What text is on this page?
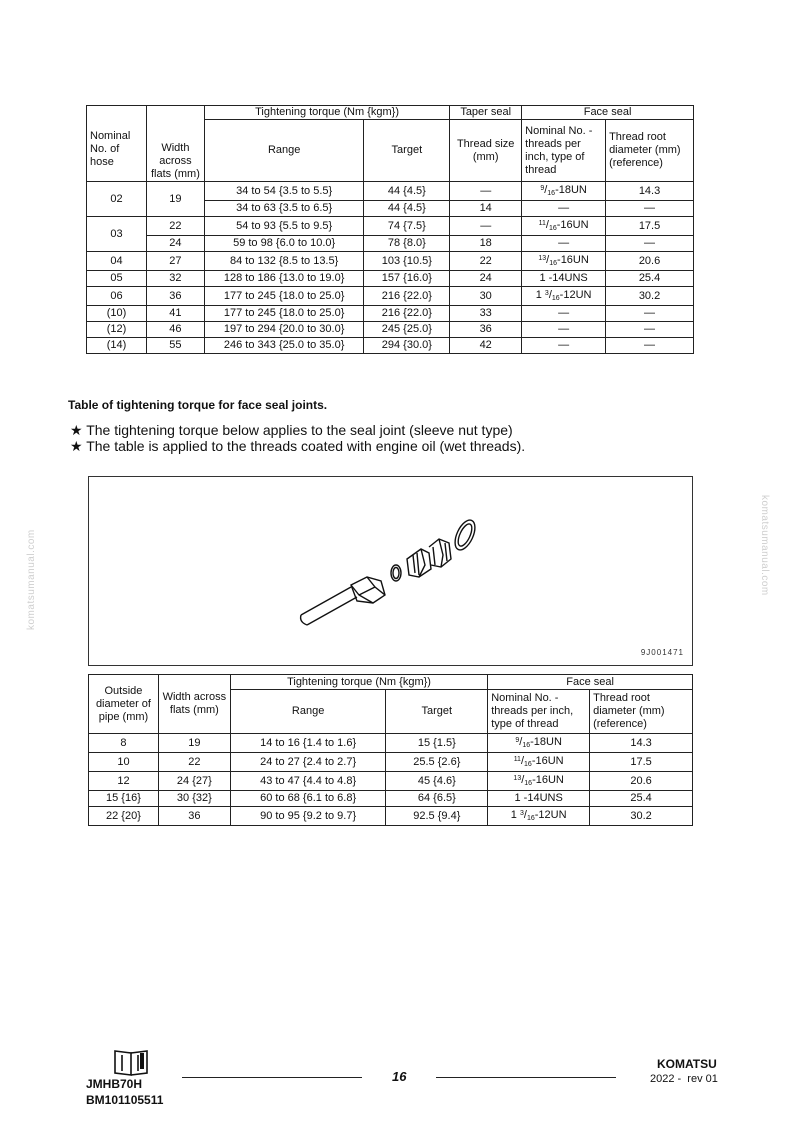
komatsumanual.com	komatsumanual.com
Nominal No. of hose	Width across flats (mm)	Tightening torque (Nm {kgm})		Taper seal	Face seal	
		Range	Target	Thread size (mm)	Nominal No. - threads per inch, type of thread	Thread root diameter (mm) (reference)
02	19	34 to 54 {3.5 to 5.5}	44 {4.5}	—	$^9/_{16}-18UN$	14.3
		34 to 63 {3.5 to 6.5}	44 {4.5}	14	—	—
03	22	54 to 93 {5.5 to 9.5}	74 {7.5}	—	$^{11}/_{16}-16UN$	17.5
	24	59 to 98 {6.0 to 10.0}	78 {8.0}	18	—	—
04	27	84 to 132 {8.5 to 13.5}	103 {10.5}	22	$^{13}/_{16}-16UN$	20.6
05	32	128 to 186 {13.0 to 19.0}	157 {16.0}	24	1 -14UNS	25.4
06	36	177 to 245 {18.0 to 25.0}	216 {22.0}	30	1 $^3/_{16}-12UN$	30.2
(10)	41	177 to 245 {18.0 to 25.0}	216 {22.0}	33	—	—
(12)	46	197 to 294 {20.0 to 30.0}	245 {25.0}	36	—	—
(14)	55	246 to 343 {25.0 to 35.0}	294 {30.0}	42	—	—
Table of tightening torque for face seal joints.
★ The tightening torque below applies to the seal joint (sleeve nut type)
★ The table is applied to the threads coated with engine oil (wet threads).
9J001471
Outside diameter of pipe (mm)	Width across flats (mm)	Tightening torque (Nm {kgm})		Face seal	
		Range	Target	Nominal No. - threads per inch, type of thread	Thread root diameter (mm) (reference)
8	19	14 to 16 {1.4 to 1.6}	15 {1.5}	$^9/_{16}-18UN$	14.3
10	22	24 to 27 {2.4 to 2.7}	25.5 {2.6}	$^{11}/_{16}-16UN$	17.5
12	24 {27}	43 to 47 {4.4 to 4.8}	45 {4.6}	$^{13}/_{16}-16UN$	20.6
15 {16}	30 {32}	60 to 68 {6.1 to 6.8}	64 {6.5}	1 -14UNS	25.4
22 {20}	36	90 to 95 {9.2 to 9.7}	92.5 {9.4}	1 $^3/_{16}-12UN$	30.2
JMHB70H
BM101105511
16
KOMATSU
2022 -  rev 01
